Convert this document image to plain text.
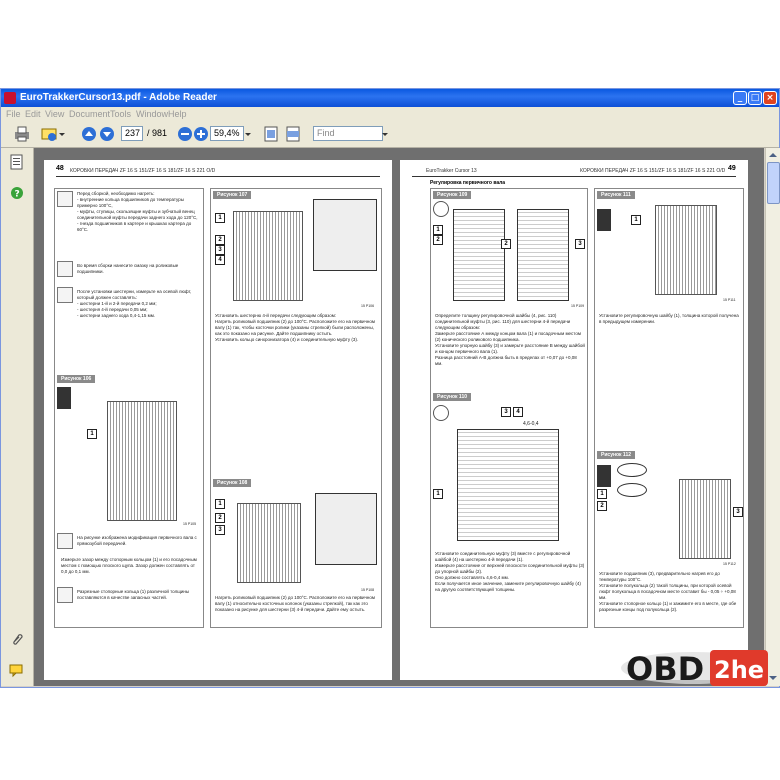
EuroTrakkerCursor13.pdf - Adobe Reader	_ □ ×
File Edit View Document Tools Window Help
237 / 981	59,4%	Find
?
48 КОРОБКИ ПЕРЕДАЧ ZF 16 S 151/ZF 16 S 181/ZF 16 S 221 O/D
Перед сборкой, необходимо нагреть:
- внутренние кольца подшипников до температуры примерно 100°C,
- муфты, ступицы, скользящие муфты и зубчатый венец соединительной муфты передачи заднего хода до 120°C,
- гнезда подшипников в картере и крышках картера до 60°C.
Во время сборки нанесите смазку на роликовые подшипники.
После установки шестерни, измерьте на осевой люфт, который должен составлять:
- шестерни 1-й и 2-й передачи 0,2 мм;
- шестерня 4-й передачи 0,05 мм;
- шестерни заднего хода 0,4-1,15 мм.
Рисунок 106
1
15 P105
На рисунке изображена модификация первичного вала с прямозубой передачей.
Измерьте зазор между стопорным кольцом (1) и его посадочным местом с помощью плоского щупа. Зазор должен составлять от 0,0 до 0,1 мм.
Разрезные стопорные кольца (1) различной толщины поставляются в качестве запасных частей.
Рисунок 107
1
2
3
4
15 P106
Установить шестерню 4-й передачи следующим образом:
Нагреть роликовый подшипник (2) до 100°C. Расположите его на первичном валу (1) так, чтобы косточки ролики (указаны стрелкой) были расположены, как это показано на рисунке. Дайте подшипнику остыть.
Установить кольцо синхронизатора (4) и соединительную муфту (3).
Рисунок 108
1
2
3
15 P108
Нагреть роликовый подшипник (2) до 100°C. Расположите его на первичном валу (1) относительно косточных колонок (указаны стрелкой), так как это показано на рисунке для шестерни (3) 4-й передачи. Дайте ему остыть.
EuroTrakker Cursor 13	КОРОБКИ ПЕРЕДАЧ ZF 16 S 151/ZF 16 S 181/ZF 16 S 221 O/D 49
Регулировка первичного вала
Рисунок 109
1
2
2	3
15 P109
Определите толщину регулировочной шайбы (4, рис. 110) соединительной муфты (3, рис. 110) для шестерни 4-й передачи следующим образом:
Замерьте расстояние А между концом вала (1) и посадочным местом (2) конического роликового подшипника.
Установите упорную шайбу (3) и замерьте расстояние B между шайбой и концом первичного вала (1).
Разница расстояний А-B должна быть в пределах от +0,07 до +0,08 мм.
Рисунок 110
4,6-0,4
1
3	4
Установите соединительную муфту (3) вместе с регулировочной шайбой (4) на шестерню 4-й передачи (1).
Измерьте расстояние от верхней плоскости соединительной муфты (3) до упорной шайбы (2).
Оно должно составлять 4,6-0,4 мм.
Если получается иное значение, замените регулировочную шайбу (4) на другую соответствующей толщины.
Рисунок 111
1
15 P111
Установите регулировочную шайбу (1), толщина которой получена в предыдущем измерении.
Рисунок 112
1
2
3
15 P112
Установите подшипник (3), предварительно нагрев его до температуры 100°C.
Установите полукольца (2) такой толщины, при которой осевой люфт полукольца в посадочном месте составит бы - 0,05 ÷ +0,08 мм.
Установите стопорное кольцо (1) и зажимите его в месте, где обе разрезные концы под полукольца (2).
OBD 2he
